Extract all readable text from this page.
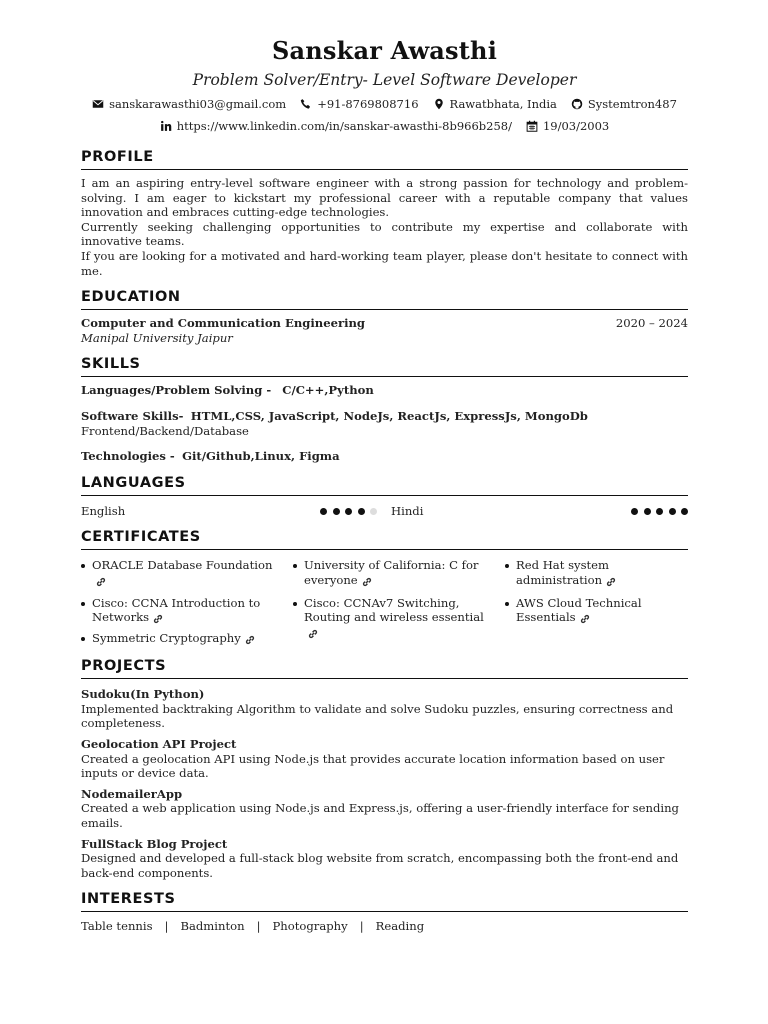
Sanskar Awasthi
Problem Solver/Entry- Level Software Developer
sanskarawasthi03@gmail.com	+91-8769808716	Rawatbhata, India	Systemtron487
https://www.linkedin.com/in/sanskar-awasthi-8b966b258/	19/03/2003
PROFILE
I am an aspiring entry-level software engineer with a strong passion for technology and problem-solving. I am eager to kickstart my professional career with a reputable company that values innovation and embraces cutting-edge technologies.
Currently seeking challenging opportunities to contribute my expertise and collaborate with innovative teams.
If you are looking for a motivated and hard-working team player, please don't hesitate to connect with me.
EDUCATION
Computer and Communication Engineering	2020 – 2024
Manipal University Jaipur
SKILLS
Languages/Problem Solving - C/C++,Python
Software Skills- HTML,CSS, JavaScript, NodeJs, ReactJs, ExpressJs, MongoDb
Frontend/Backend/Database
Technologies - Git/Github,Linux, Figma
LANGUAGES
English	Hindi
CERTIFICATES
ORACLE Database Foundation	University of California: C for everyone
Red Hat system administration
Cisco: CCNA Introduction to Networks
Cisco: CCNAv7 Switching, Routing and wireless essential
AWS Cloud Technical Essentials
Symmetric Cryptography
PROJECTS
Sudoku(In Python)
Implemented backtraking Algorithm to validate and solve Sudoku puzzles, ensuring correctness and completeness.
Geolocation API Project
Created a geolocation API using Node.js that provides accurate location information based on user inputs or device data.
NodemailerApp
Created a web application using Node.js and Express.js, offering a user-friendly interface for sending emails.
FullStack Blog Project
Designed and developed a full-stack blog website from scratch, encompassing both the front-end and back-end components.
INTERESTS
Table tennis | Badminton | Photography | Reading
